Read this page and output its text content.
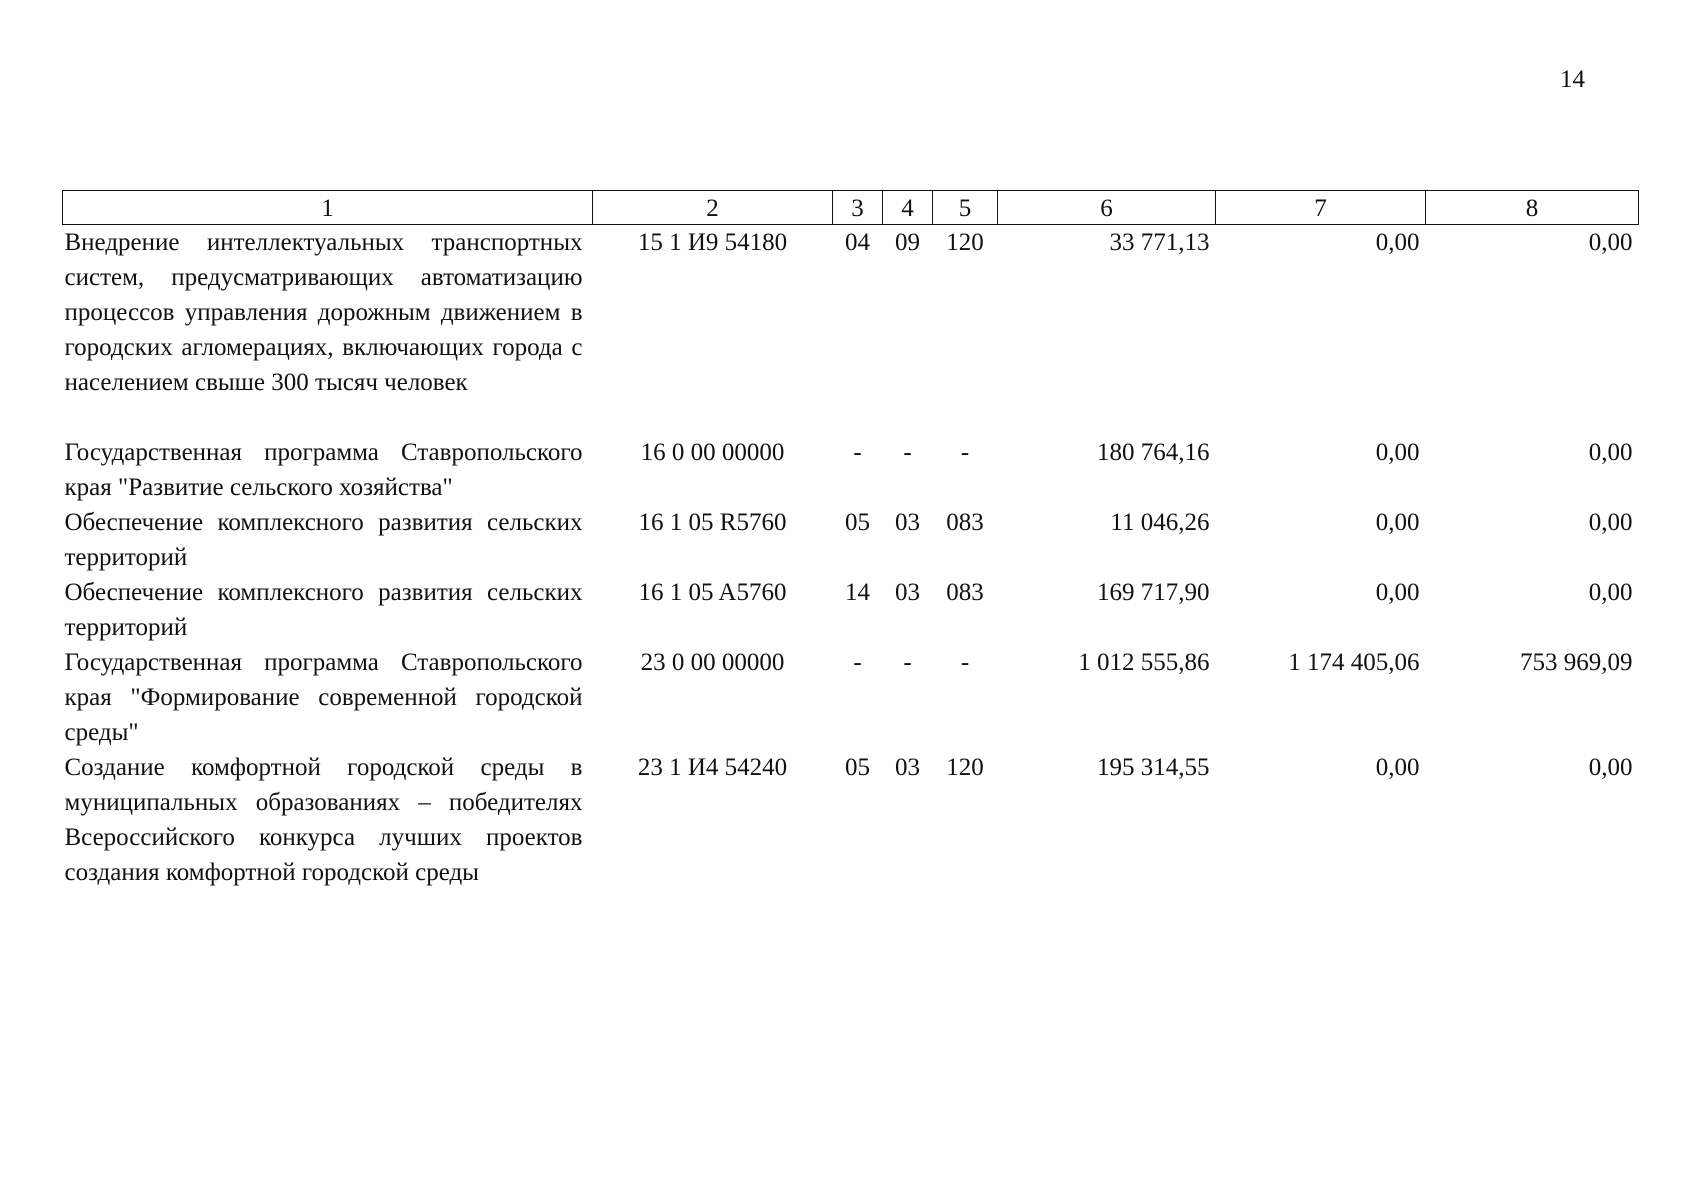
14
1	2	3	4	5	6	7	8
Внедрение интеллектуальных транспортных систем, предусматривающих автоматизацию процессов управления дорожным движением в городских агломерациях, включающих города с населением свыше 300 тысяч человек	15 1 И9 54180	04	09	120	33 771,13	0,00	0,00

Государственная программа Ставропольского края "Развитие сельского хозяйства"	16 0 00 00000	-	-	-	180 764,16	0,00	0,00
Обеспечение комплексного развития сельских территорий	16 1 05 R5760	05	03	083	11 046,26	0,00	0,00
Обеспечение комплексного развития сельских территорий	16 1 05 A5760	14	03	083	169 717,90	0,00	0,00
Государственная программа Ставропольского края "Формирование современной городской среды"	23 0 00 00000	-	-	-	1 012 555,86	1 174 405,06	753 969,09
Создание комфортной городской среды в муниципальных образованиях – победителях Всероссийского конкурса лучших проектов создания комфортной городской среды	23 1 И4 54240	05	03	120	195 314,55	0,00	0,00
